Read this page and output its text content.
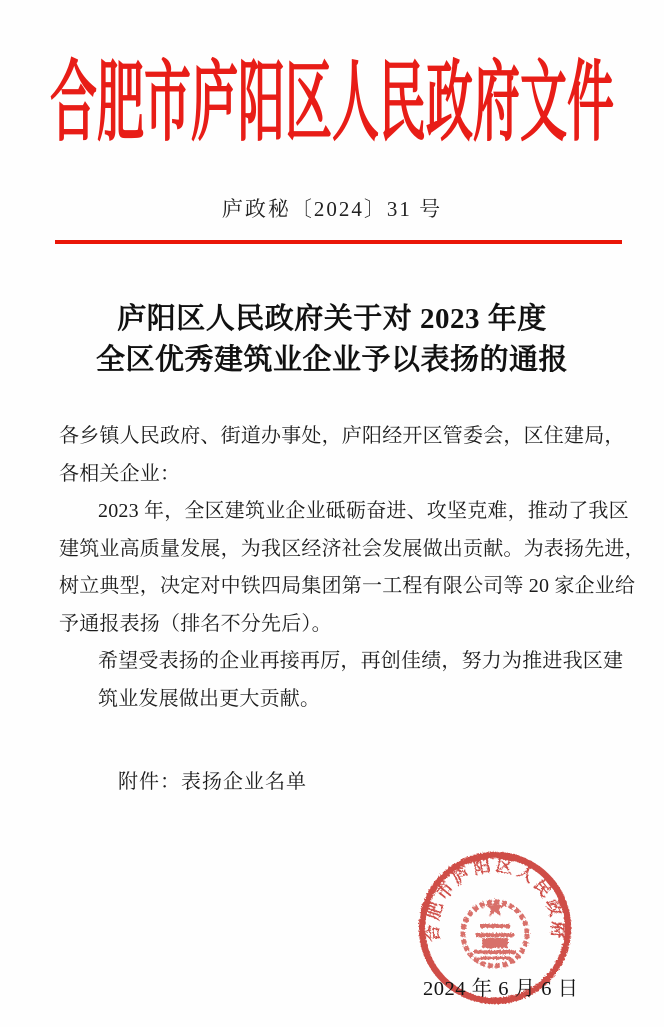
合肥市庐阳区人民政府文件
庐政秘〔2024〕31 号
庐阳区人民政府关于对 2023 年度
全区优秀建筑业企业予以表扬的通报
各乡镇人民政府、街道办事处，庐阳经开区管委会，区住建局，
各相关企业：
2023 年，全区建筑业企业砥砺奋进、攻坚克难，推动了我区
建筑业高质量发展，为我区经济社会发展做出贡献。为表扬先进，
树立典型，决定对中铁四局集团第一工程有限公司等 20 家企业给
予通报表扬（排名不分先后）。
希望受表扬的企业再接再厉，再创佳绩，努力为推进我区建
筑业发展做出更大贡献。
附件：表扬企业名单
合肥市庐阳区人民政府
2024 年 6 月 6 日
